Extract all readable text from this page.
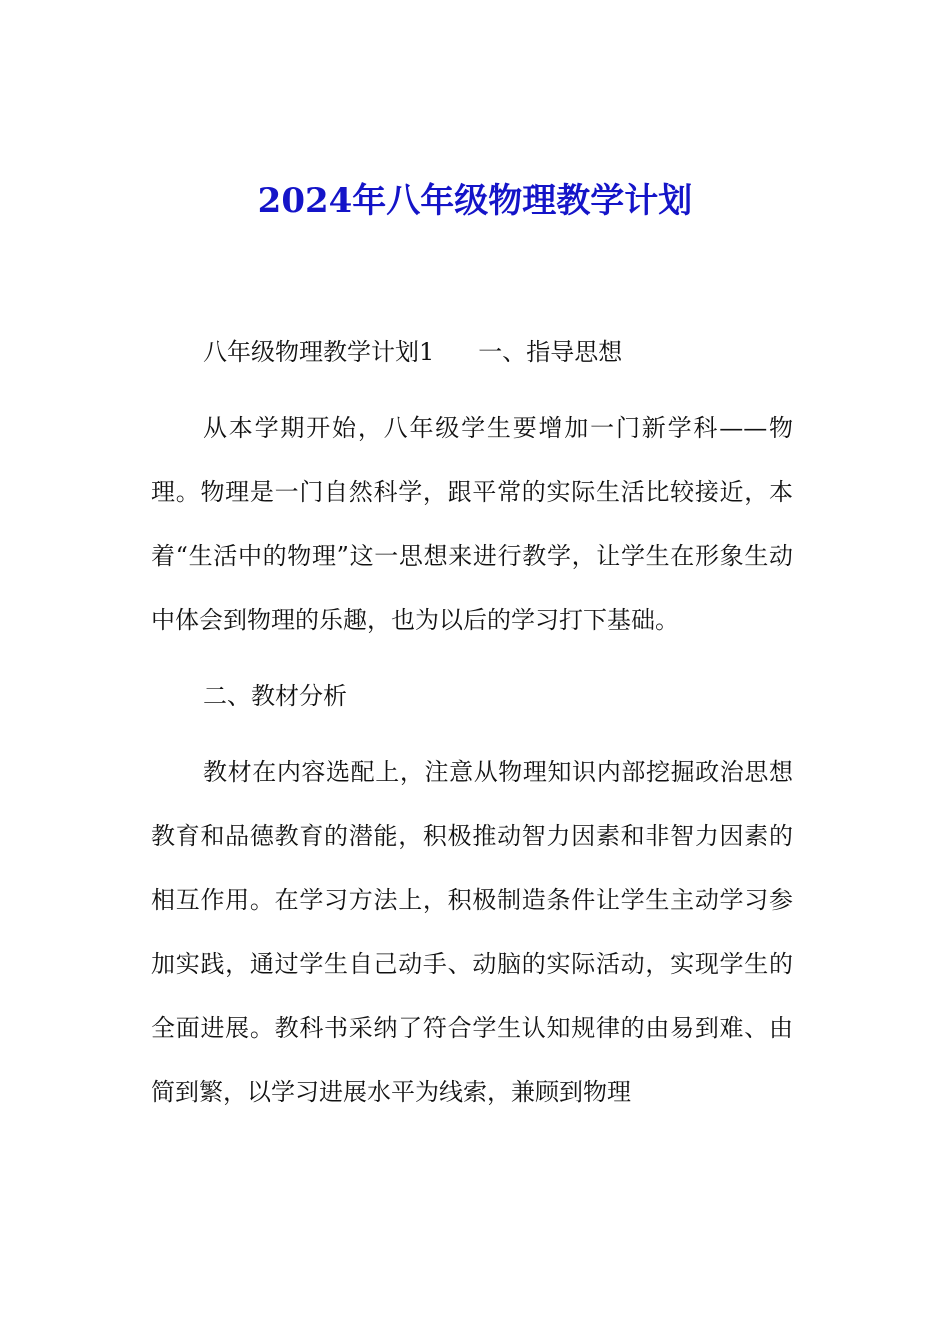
2024年八年级物理教学计划

八年级物理教学计划1 一、指导思想

从本学期开始，八年级学生要增加一门新学科——物理。物理是一门自然科学，跟平常的实际生活比较接近，本着“生活中的物理”这一思想来进行教学，让学生在形象生动中体会到物理的乐趣，也为以后的学习打下基础。

二、教材分析

教材在内容选配上，注意从物理知识内部挖掘政治思想教育和品德教育的潜能，积极推动智力因素和非智力因素的相互作用。在学习方法上，积极制造条件让学生主动学习参加实践，通过学生自己动手、动脑的实际活动，实现学生的全面进展。教科书采纳了符合学生认知规律的由易到难、由简到繁，以学习进展水平为线索，兼顾到物理
